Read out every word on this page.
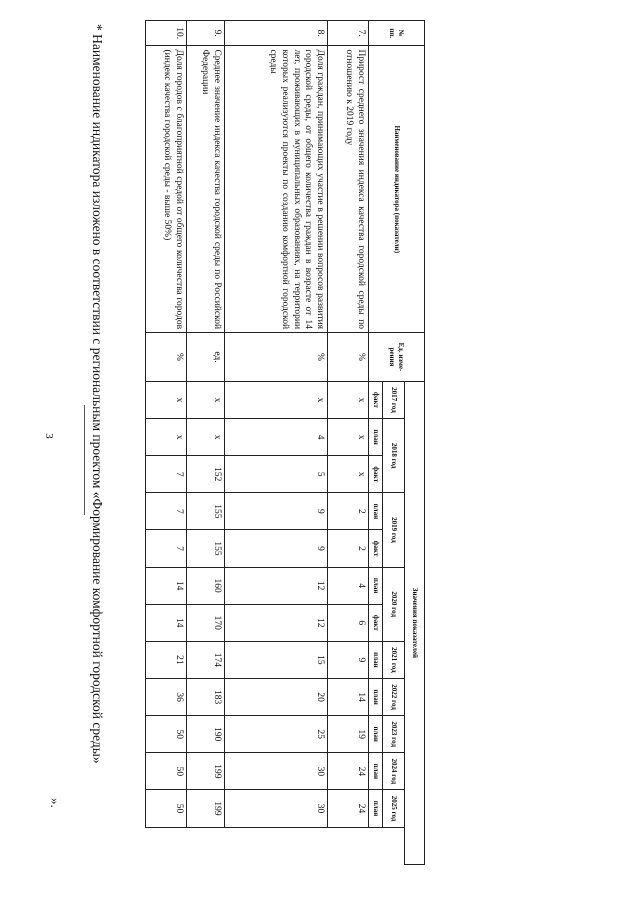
3
№ пп.	Наименование индикатора (показатели)	Ед. изме-рения	Значения показателей											
			2017 год	2018 год		2019 год		2020 год		2021 год	2022 год	2023 год	2024 год	2025 год
			факт	план	факт	план	факт	план	факт	план	план	план	план	план
7.	Прирост среднего значения индекса качества городской среды по отношению к 2019 году	%	x	x	x	2	2	4	6	9	14	19	24	24
8.	Доля граждан, принимающих участие в решении вопросов развития городской среды, от общего количества граждан в возрасте от 14 лет, проживающих в муниципальных образованиях, на территории которых реализуются проекты по созданию комфортной городской среды	%	x	4	5	9	9	12	12	15	20	25	30	30
9.	Среднее значение индекса качества городской среды по Российской Федерации	ед.	x	x	152	155	155	160	170	174	183	190	199	199
10.	Доля городов с благоприятной средой от общего количества городов (индекс качества городской среды - выше 50%)	%	x	x	7	7	7	14	14	21	36	50	50	50
* Наименование индикатора изложено в соответствии с региональным проектом «Формирование комфортной городской среды»
».
